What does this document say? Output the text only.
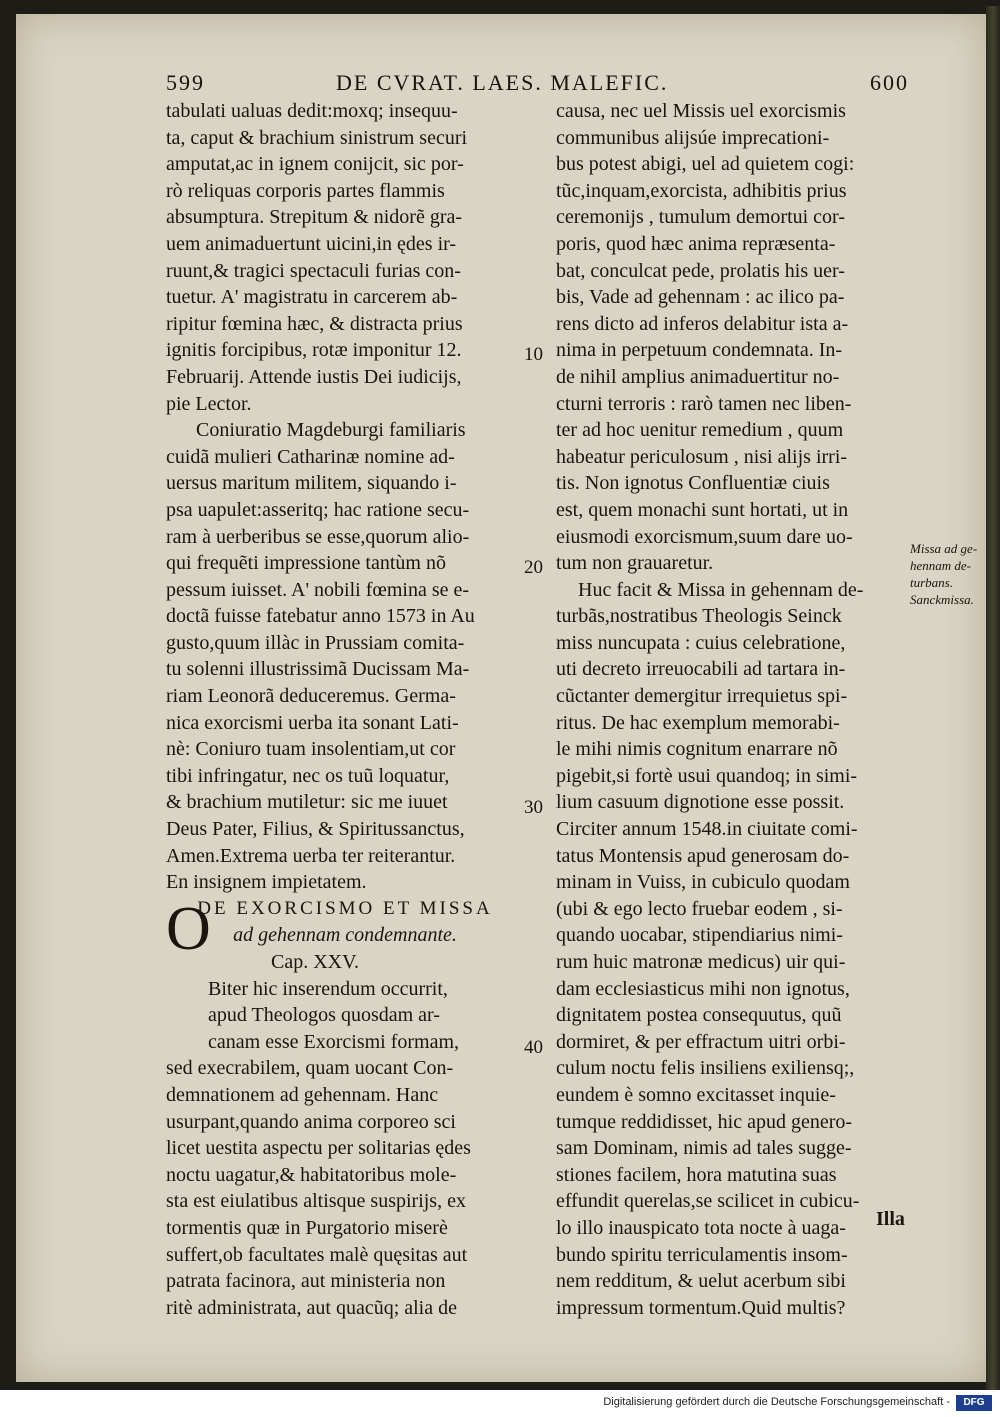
599	DE CVRAT. LAES. MALEFIC.	600
tabulati ualuas dedit:moxq; insequu-
ta, caput & brachium sinistrum securi
amputat,ac in ignem conijcit, sic por-
rò reliquas corporis partes flammis
absumptura. Strepitum & nidorẽ gra-
uem animaduertunt uicini,in ędes ir-
ruunt,& tragici spectaculi furias con-
tuetur. A' magistratu in carcerem ab-
ripitur fœmina hæc, & distracta prius
ignitis forcipibus, rotæ imponitur 12.
Februarij. Attende iustis Dei iudicijs,
pie Lector.
Coniuratio Magdeburgi familiaris
cuidã mulieri Catharinæ nomine ad-
uersus maritum militem, siquando i-
psa uapulet:asseritq; hac ratione secu-
ram à uerberibus se esse,quorum alio-
qui frequẽti impressione tantùm nõ
pessum iuisset. A' nobili fœmina se e-
doctã fuisse fatebatur anno 1573 in Au
gusto,quum illàc in Prussiam comita-
tu solenni illustrissimã Ducissam Ma-
riam Leonorã deduceremus. Germa-
nica exorcismi uerba ita sonant Lati-
nè: Coniuro tuam insolentiam,ut cor
tibi infringatur, nec os tuũ loquatur,
& brachium mutiletur: sic me iuuet
Deus Pater, Filius, & Spiritussanctus,
Amen.Extrema uerba ter reiterantur.
En insignem impietatem.
DE EXORCISMO ET MISSA
ad gehennam condemnante.
Cap. XXV.
Biter hic inserendum occurrit,
apud Theologos quosdam ar-
canam esse Exorcismi formam,
sed execrabilem, quam uocant Con-
demnationem ad gehennam. Hanc
usurpant,quando anima corporeo sci
licet uestita aspectu per solitarias ędes
noctu uagatur,& habitatoribus mole-
sta est eiulatibus altisque suspirijs, ex
tormentis quæ in Purgatorio miserè
suffert,ob facultates malè quęsitas aut
patrata facinora, aut ministeria non
ritè administrata, aut quacũq; alia de
O
causa, nec uel Missis uel exorcismis
communibus alijsúe imprecationi-
bus potest abigi, uel ad quietem cogi:
tũc,inquam,exorcista, adhibitis prius
ceremonijs , tumulum demortui cor-
poris, quod hæc anima repræsenta-
bat, conculcat pede, prolatis his uer-
bis, Vade ad gehennam : ac ilico pa-
rens dicto ad inferos delabitur ista a-
nima in perpetuum condemnata. In-
de nihil amplius animaduertitur no-
cturni terroris : rarò tamen nec liben-
ter ad hoc uenitur remedium , quum
habeatur periculosum , nisi alijs irri-
tis. Non ignotus Confluentiæ ciuis
est, quem monachi sunt hortati, ut in
eiusmodi exorcismum,suum dare uo-
tum non grauaretur.
Huc facit & Missa in gehennam de-
turbãs,nostratibus Theologis Seinck
miss nuncupata : cuius celebratione,
uti decreto irreuocabili ad tartara in-
cũctanter demergitur irrequietus spi-
ritus. De hac exemplum memorabi-
le mihi nimis cognitum enarrare nõ
pigebit,si fortè usui quandoq; in simi-
lium casuum dignotione esse possit.
Circiter annum 1548.in ciuitate comi-
tatus Montensis apud generosam do-
minam in Vuiss, in cubiculo quodam
(ubi & ego lecto fruebar eodem , si-
quando uocabar, stipendiarius nimi-
rum huic matronæ medicus) uir qui-
dam ecclesiasticus mihi non ignotus,
dignitatem postea consequutus, quũ
dormiret, & per effractum uitri orbi-
culum noctu felis insiliens exiliensq;,
eundem è somno excitasset inquie-
tumque reddidisset, hic apud genero-
sam Dominam, nimis ad tales sugge-
stiones facilem, hora matutina suas
effundit querelas,se scilicet in cubicu-
lo illo inauspicato tota nocte à uaga-
bundo spiritu terriculamentis insom-
nem redditum, & uelut acerbum sibi
impressum tormentum.Quid multis?
10
20
30
40
Missa ad ge-
hennam de-
turbans.
Sanckmissa.
Illa
Digitalisierung gefördert durch die Deutsche Forschungsgemeinschaft -	DFG
